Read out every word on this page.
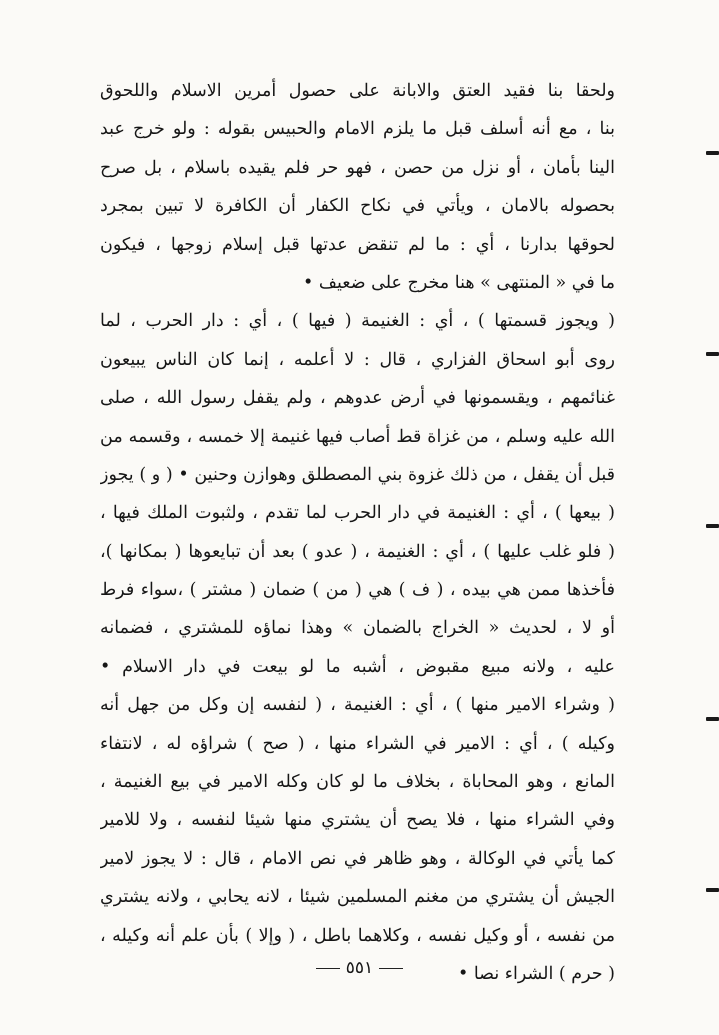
ولحقا بنا فقيد العتق والابانة على حصول أمرين الاسلام واللحوق
بنا ، مع أنه أسلف قبل ما يلزم الامام والحبيس بقوله : ولو خرج عبد
الينا بأمان ، أو نزل من حصن ، فهو حر فلم يقيده باسلام ، بل صرح
بحصوله بالامان ، ويأتي في نكاح الكفار أن الكافرة لا تبين بمجرد
لحوقها بدارنا ، أي : ما لم تنقض عدتها قبل إسلام زوجها ، فيكون
ما في « المنتهى » هنا مخرج على ضعيف •
( ويجوز قسمتها ) ، أي : الغنيمة ( فيها ) ، أي : دار الحرب ، لما
روى أبو اسحاق الفزاري ، قال : لا أعلمه ، إنما كان الناس يبيعون
غنائمهم ، ويقسمونها في أرض عدوهم ، ولم يقفل رسول الله ، صلى
الله عليه وسلم ، من غزاة قط أصاب فيها غنيمة إلا خمسه ، وقسمه من
قبل أن يقفل ، من ذلك غزوة بني المصطلق وهوازن وحنين • ( و ) يجوز
( بيعها ) ، أي : الغنيمة في دار الحرب لما تقدم ، ولثبوت الملك فيها ،
( فلو غلب عليها ) ، أي : الغنيمة ، ( عدو ) بعد أن تبايعوها ( بمكانها )،
فأخذها ممن هي بيده ، ( ف ) هي ( من ) ضمان ( مشتر ) ،سواء فرط
أو لا ، لحديث « الخراج بالضمان » وهذا نماؤه للمشتري ، فضمانه
عليه ، ولانه مبيع مقبوض ، أشبه ما لو بيعت في دار الاسلام •
( وشراء الامير منها ) ، أي : الغنيمة ، ( لنفسه إن وكل من جهل أنه
وكيله ) ، أي : الامير في الشراء منها ، ( صح ) شراؤه له ، لانتفاء
المانع ، وهو المحاباة ، بخلاف ما لو كان وكله الامير في بيع الغنيمة ،
وفي الشراء منها ، فلا يصح أن يشتري منها شيئا لنفسه ، ولا للامير
كما يأتي في الوكالة ، وهو ظاهر في نص الامام ، قال : لا يجوز لامير
الجيش أن يشتري من مغنم المسلمين شيئا ، لانه يحابي ، ولانه يشتري
من نفسه ، أو وكيل نفسه ، وكلاهما باطل ، ( وإلا ) بأن علم أنه وكيله ،
( حرم ) الشراء نصا •
٥٥١
